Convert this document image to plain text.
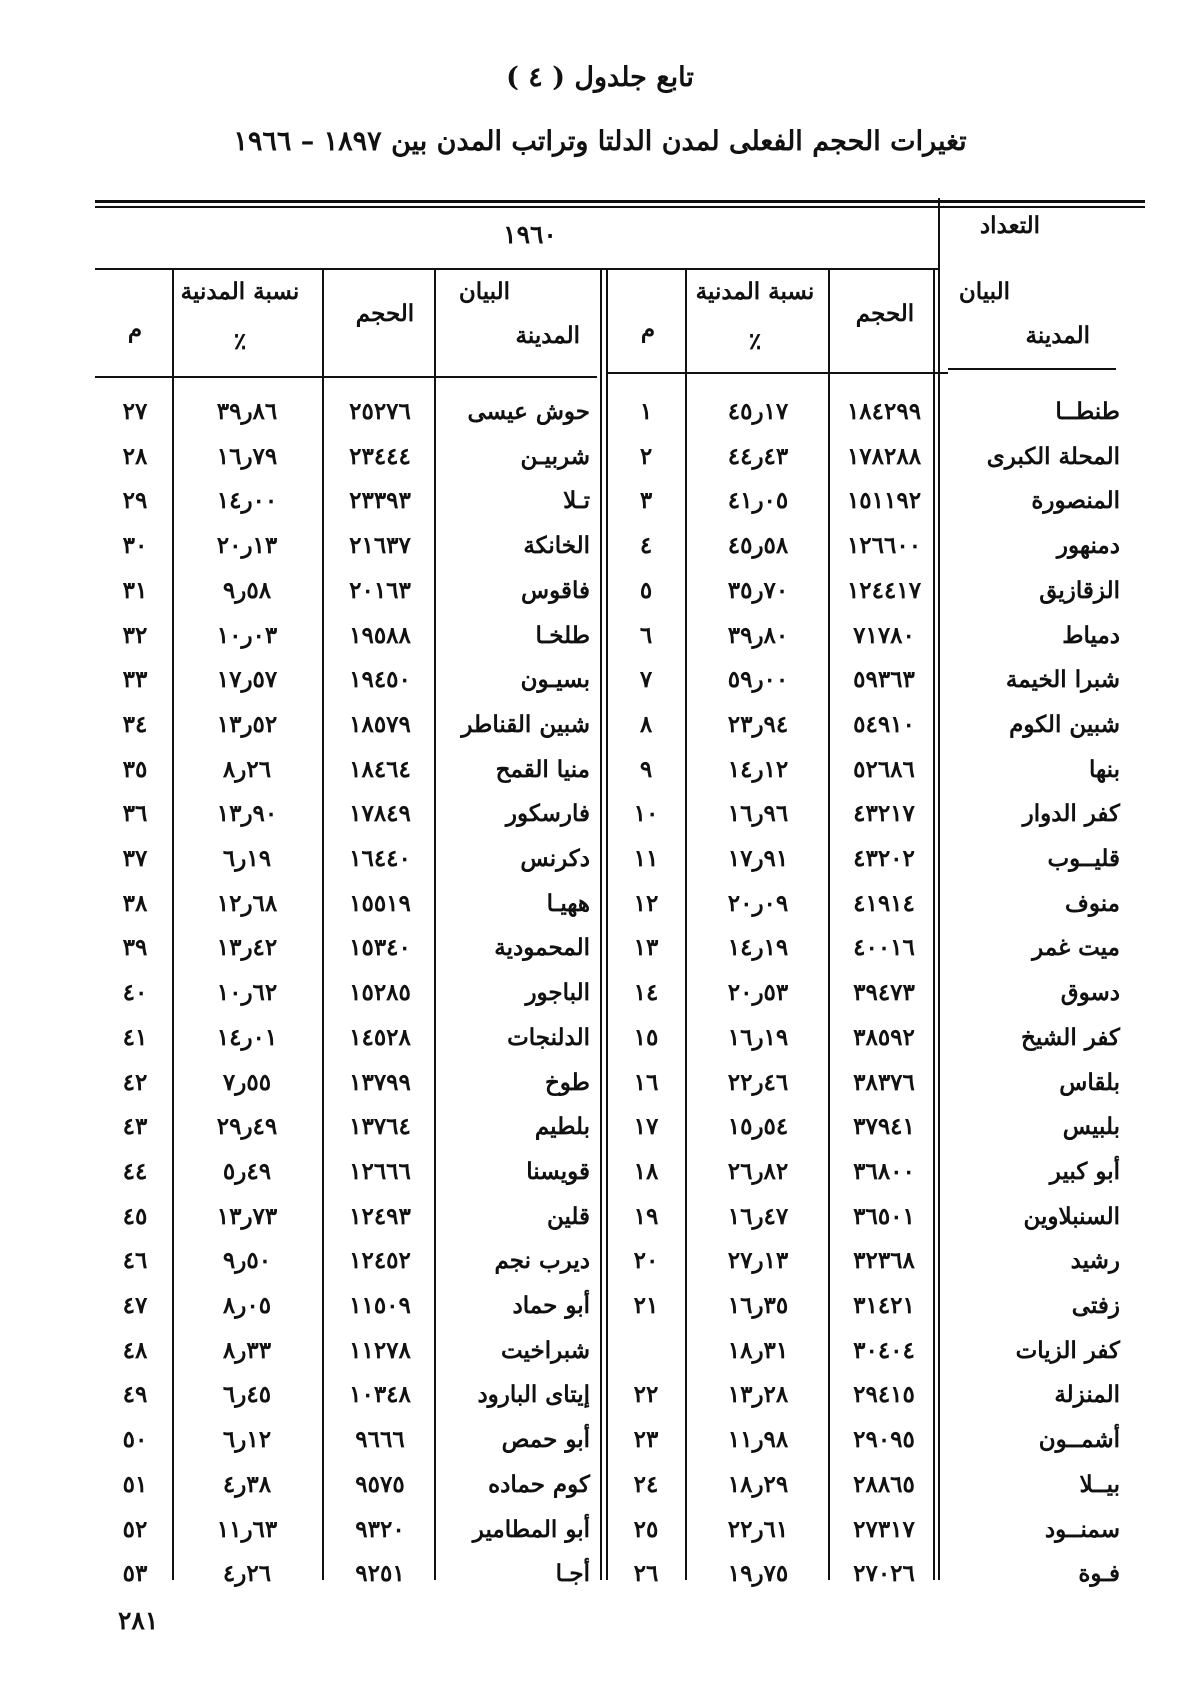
تابع جلدول ( ٤ )
تغيرات الحجم الفعلى لمدن الدلتا وتراتب المدن بين ١٨٩٧ – ١٩٦٦
التعداد
١٩٦٠
البيان
المدينة
الحجم
نسبة المدنية
٪
م
البيان
المدينة
الحجم
نسبة المدنية
٪
م
طنطــا
١٨٤٢٩٩
١٧ر٤٥
١
المحلة الكبرى
١٧٨٢٨٨
٤٣ر٤٤
٢
المنصورة
١٥١١٩٢
٠٥ر٤١
٣
دمنهور
١٢٦٦٠٠
٥٨ر٤٥
٤
الزقازيق
١٢٤٤١٧
٧٠ر٣٥
٥
دمياط
٧١٧٨٠
٨٠ر٣٩
٦
شبرا الخيمة
٥٩٣٦٣
٠٠ر٥٩
٧
شبين الكوم
٥٤٩١٠
٩٤ر٢٣
٨
بنها
٥٢٦٨٦
١٢ر١٤
٩
كفر الدوار
٤٣٢١٧
٩٦ر١٦
١٠
قليــوب
٤٣٢٠٢
٩١ر١٧
١١
منوف
٤١٩١٤
٠٩ر٢٠
١٢
ميت غمر
٤٠٠١٦
١٩ر١٤
١٣
دسوق
٣٩٤٧٣
٥٣ر٢٠
١٤
كفر الشيخ
٣٨٥٩٢
١٩ر١٦
١٥
بلقاس
٣٨٣٧٦
٤٦ر٢٢
١٦
بلبيس
٣٧٩٤١
٥٤ر١٥
١٧
أبو كبير
٣٦٨٠٠
٨٢ر٢٦
١٨
السنبلاوين
٣٦٥٠١
٤٧ر١٦
١٩
رشيد
٣٢٣٦٨
١٣ر٢٧
٢٠
زفتى
٣١٤٢١
٣٥ر١٦
٢١
كفر الزيات
٣٠٤٠٤
٣١ر١٨
المنزلة
٢٩٤١٥
٢٨ر١٣
٢٢
أشمــون
٢٩٠٩٥
٩٨ر١١
٢٣
بيــلا
٢٨٨٦٥
٢٩ر١٨
٢٤
سمنــود
٢٧٣١٧
٦١ر٢٢
٢٥
فـوة
٢٧٠٢٦
٧٥ر١٩
٢٦
حوش عيسى
٢٥٢٧٦
٨٦ر٣٩
٢٧
شربيـن
٢٣٤٤٤
٧٩ر١٦
٢٨
تـلا
٢٣٣٩٣
٠٠ر١٤
٢٩
الخانكة
٢١٦٣٧
١٣ر٢٠
٣٠
فاقوس
٢٠١٦٣
٥٨ر٩
٣١
طلخـا
١٩٥٨٨
٠٣ر١٠
٣٢
بسيـون
١٩٤٥٠
٥٧ر١٧
٣٣
شبين القناطر
١٨٥٧٩
٥٢ر١٣
٣٤
منيا القمح
١٨٤٦٤
٢٦ر٨
٣٥
فارسكور
١٧٨٤٩
٩٠ر١٣
٣٦
دكرنس
١٦٤٤٠
١٩ر٦
٣٧
ههيـا
١٥٥١٩
٦٨ر١٢
٣٨
المحمودية
١٥٣٤٠
٤٢ر١٣
٣٩
الباجور
١٥٢٨٥
٦٢ر١٠
٤٠
الدلنجات
١٤٥٢٨
٠١ر١٤
٤١
طوخ
١٣٧٩٩
٥٥ر٧
٤٢
بلطيم
١٣٧٦٤
٤٩ر٢٩
٤٣
قويسنا
١٢٦٦٦
٤٩ر٥
٤٤
قلين
١٢٤٩٣
٧٣ر١٣
٤٥
ديرب نجم
١٢٤٥٢
٥٠ر٩
٤٦
أبو حماد
١١٥٠٩
٠٥ر٨
٤٧
شبراخيت
١١٢٧٨
٣٣ر٨
٤٨
إيتاى البارود
١٠٣٤٨
٤٥ر٦
٤٩
أبو حمص
٩٦٦٦
١٢ر٦
٥٠
كوم حماده
٩٥٧٥
٣٨ر٤
٥١
أبو المطامير
٩٣٢٠
٦٣ر١١
٥٢
أجـا
٩٢٥١
٢٦ر٤
٥٣
٢٨١
